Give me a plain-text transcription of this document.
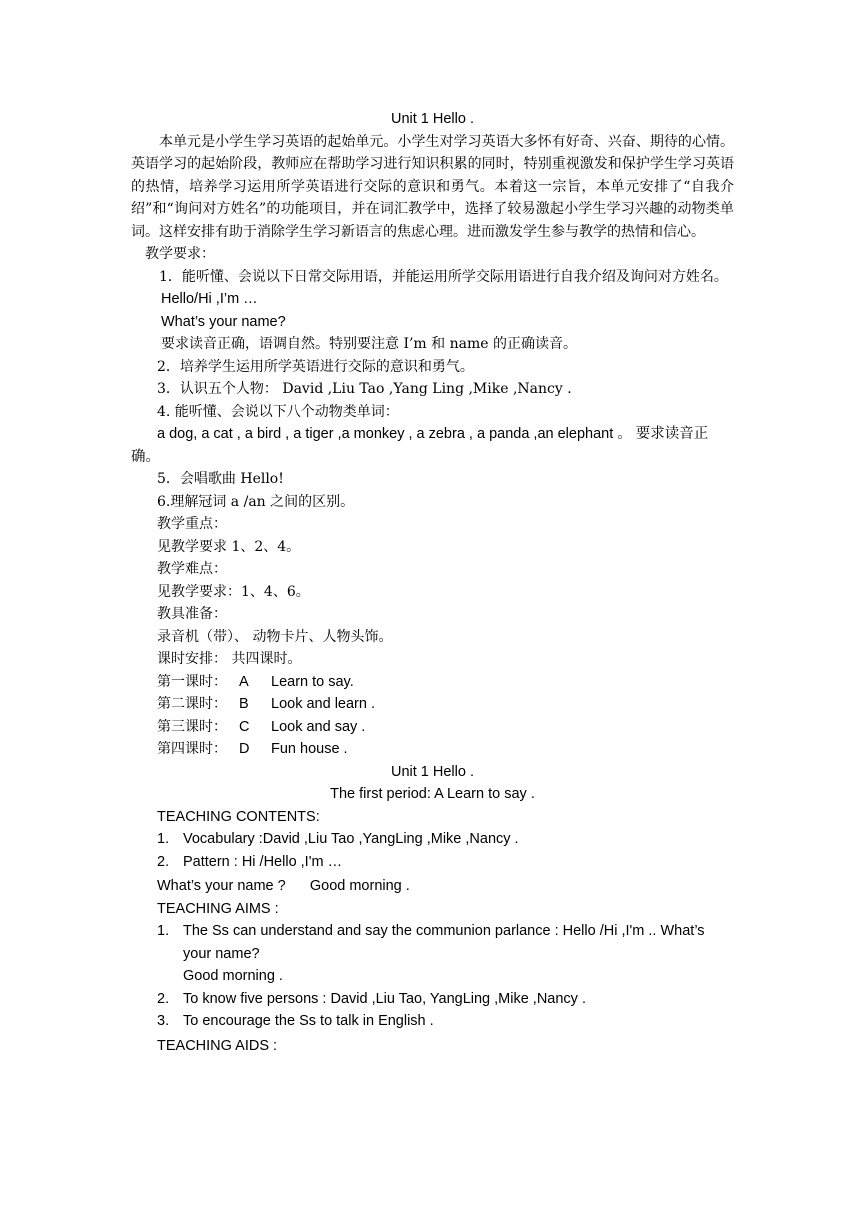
Unit 1 Hello .

本单元是小学生学习英语的起始单元。小学生对学习英语大多怀有好奇、兴奋、期待的心情。英语学习的起始阶段，教师应在帮助学习进行知识积累的同时，特别重视激发和保护学生学习英语的热情，培养学习运用所学英语进行交际的意识和勇气。本着这一宗旨，本单元安排了“自我介绍”和“询问对方姓名”的功能项目，并在词汇教学中，选择了较易激起小学生学习兴趣的动物类单词。这样安排有助于消除学生学习新语言的焦虑心理。进而激发学生参与教学的热情和信心。

教学要求：

1．能听懂、会说以下日常交际用语，并能运用所学交际用语进行自我介绍及询问对方姓名。

Hello/Hi ,I’m …

What’s your name?

要求读音正确，语调自然。特别要注意 I’m 和 name 的正确读音。

2．培养学生运用所学英语进行交际的意识和勇气。

3．认识五个人物： David ,Liu Tao ,Yang Ling ,Mike ,Nancy .

4. 能听懂、会说以下八个动物类单词：

a dog, a cat , a bird , a tiger ,a monkey , a zebra , a panda ,an elephant 。 要求读音正确。

5．会唱歌曲 Hello!

6.理解冠词 a /an 之间的区别。

教学重点：

见教学要求 1、2、4。

教学难点：

见教学要求：1、4、6。

教具准备：

录音机（带）、 动物卡片、人物头饰。

课时安排： 共四课时。

第一课时： A	Learn to say.
第二课时： B	Look and learn .
第三课时： C	Look and say .
第四课时： D	Fun house .

Unit 1 Hello .

The first period: A Learn to say .

TEACHING CONTENTS:

1. Vocabulary :David ,Liu Tao ,YangLing ,Mike ,Nancy .
2. Pattern : Hi /Hello ,I'm …

What’s your name ?      Good morning .

TEACHING AIMS :

1. The Ss can understand and say the communion parlance : Hello /Hi ,I'm .. What’s your name?
Good morning .
2. To know five persons : David ,Liu Tao, YangLing ,Mike ,Nancy .
3. To encourage the Ss to talk in English .

TEACHING AIDS :
